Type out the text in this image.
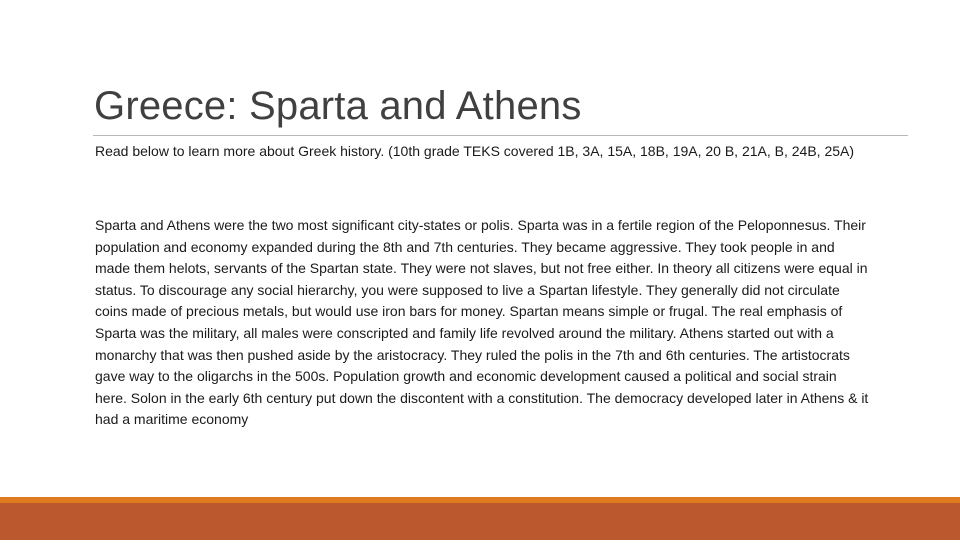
Greece: Sparta and Athens
Read below to learn more about Greek history. (10th grade TEKS covered 1B, 3A, 15A, 18B, 19A, 20 B, 21A, B, 24B, 25A)
Sparta and Athens were the two most significant city-states or polis. Sparta was in a fertile region of the Peloponnesus. Their population and economy expanded during the 8th and 7th centuries. They became aggressive. They took people in and made them helots, servants of the Spartan state. They were not slaves, but not free either. In theory all citizens were equal in status. To discourage any social hierarchy, you were supposed to live a Spartan lifestyle. They generally did not circulate coins made of precious metals, but would use iron bars for money. Spartan means simple or frugal. The real emphasis of Sparta was the military, all males were conscripted and family life revolved around the military. Athens started out with a monarchy that was then pushed aside by the aristocracy. They ruled the polis in the 7th and 6th centuries. The artistocrats gave way to the oligarchs in the 500s. Population growth and economic development caused a political and social strain here. Solon in the early 6th century put down the discontent with a constitution. The democracy developed later in Athens & it had a maritime economy
